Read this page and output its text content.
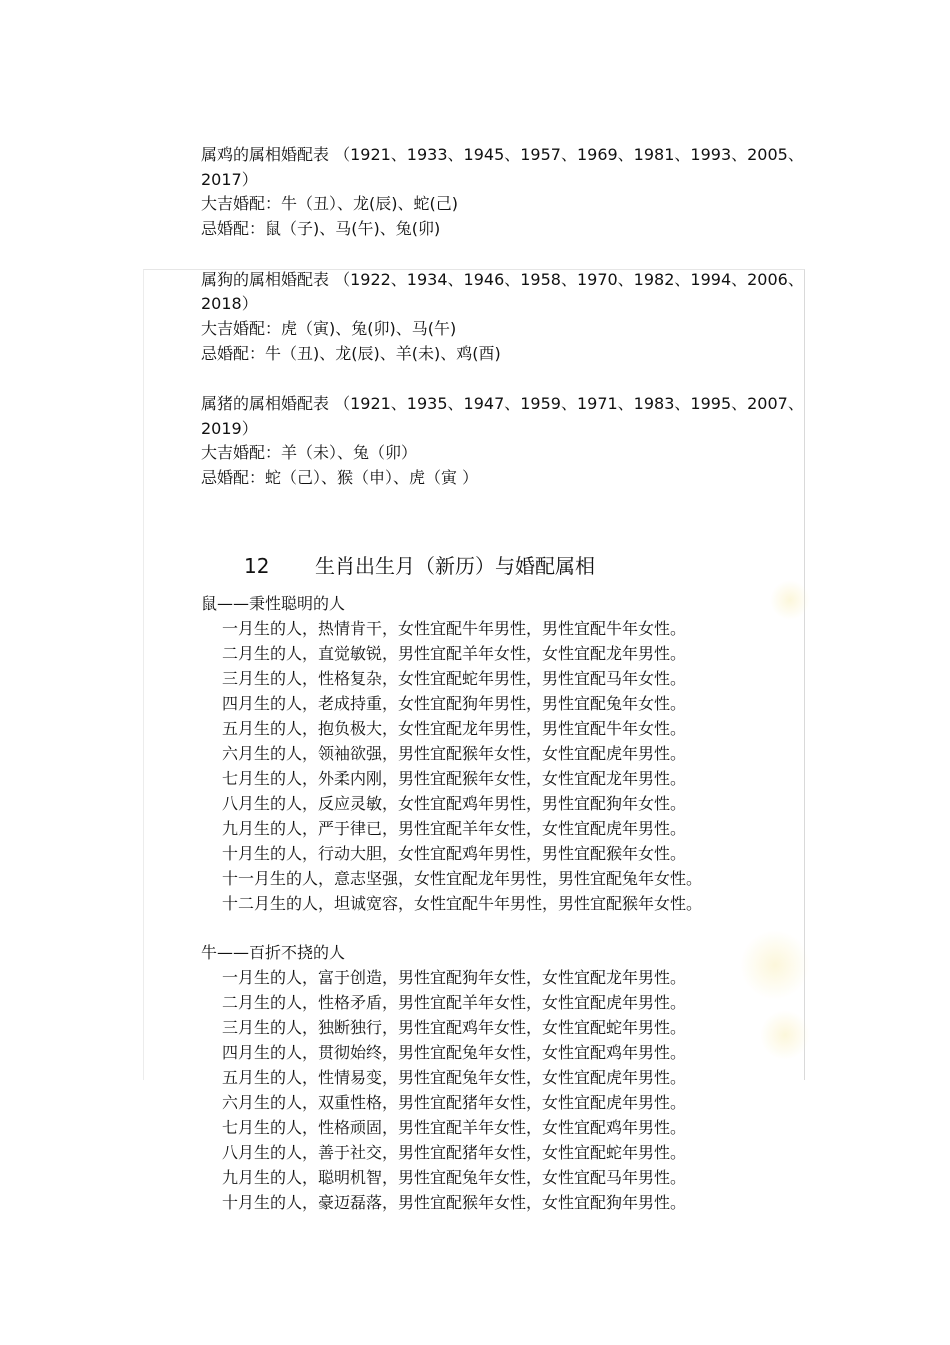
属鸡的属相婚配表 （1921、1933、1945、1957、1969、1981、1993、2005、
2017）
大吉婚配：牛（丑）、龙(辰)、蛇(己)
忌婚配：鼠（子)、马(午)、兔(卯)
属狗的属相婚配表 （1922、1934、1946、1958、1970、1982、1994、2006、
2018）
大吉婚配：虎（寅)、兔(卯)、马(午)
忌婚配：牛（丑)、龙(辰)、羊(未)、鸡(酉)
属猪的属相婚配表 （1921、1935、1947、1959、1971、1983、1995、2007、
2019）
大吉婚配：羊（未）、兔（卯）
忌婚配：蛇（己）、猴（申）、虎（寅 ）
12 生肖出生月（新历）与婚配属相
鼠——秉性聪明的人
一月生的人，热情肯干，女性宜配牛年男性，男性宜配牛年女性。
二月生的人，直觉敏锐，男性宜配羊年女性，女性宜配龙年男性。
三月生的人，性格复杂，女性宜配蛇年男性，男性宜配马年女性。
四月生的人，老成持重，女性宜配狗年男性，男性宜配兔年女性。
五月生的人，抱负极大，女性宜配龙年男性，男性宜配牛年女性。
六月生的人，领袖欲强，男性宜配猴年女性，女性宜配虎年男性。
七月生的人，外柔内刚，男性宜配猴年女性，女性宜配龙年男性。
八月生的人，反应灵敏，女性宜配鸡年男性，男性宜配狗年女性。
九月生的人，严于律已，男性宜配羊年女性，女性宜配虎年男性。
十月生的人，行动大胆，女性宜配鸡年男性，男性宜配猴年女性。
十一月生的人，意志坚强，女性宜配龙年男性，男性宜配兔年女性。
十二月生的人，坦诚宽容，女性宜配牛年男性，男性宜配猴年女性。
牛——百折不挠的人
一月生的人，富于创造，男性宜配狗年女性，女性宜配龙年男性。
二月生的人，性格矛盾，男性宜配羊年女性，女性宜配虎年男性。
三月生的人，独断独行，男性宜配鸡年女性，女性宜配蛇年男性。
四月生的人，贯彻始终，男性宜配兔年女性，女性宜配鸡年男性。
五月生的人，性情易变，男性宜配兔年女性，女性宜配虎年男性。
六月生的人，双重性格，男性宜配猪年女性，女性宜配虎年男性。
七月生的人，性格顽固，男性宜配羊年女性，女性宜配鸡年男性。
八月生的人，善于社交，男性宜配猪年女性，女性宜配蛇年男性。
九月生的人，聪明机智，男性宜配兔年女性，女性宜配马年男性。
十月生的人，豪迈磊落，男性宜配猴年女性，女性宜配狗年男性。
